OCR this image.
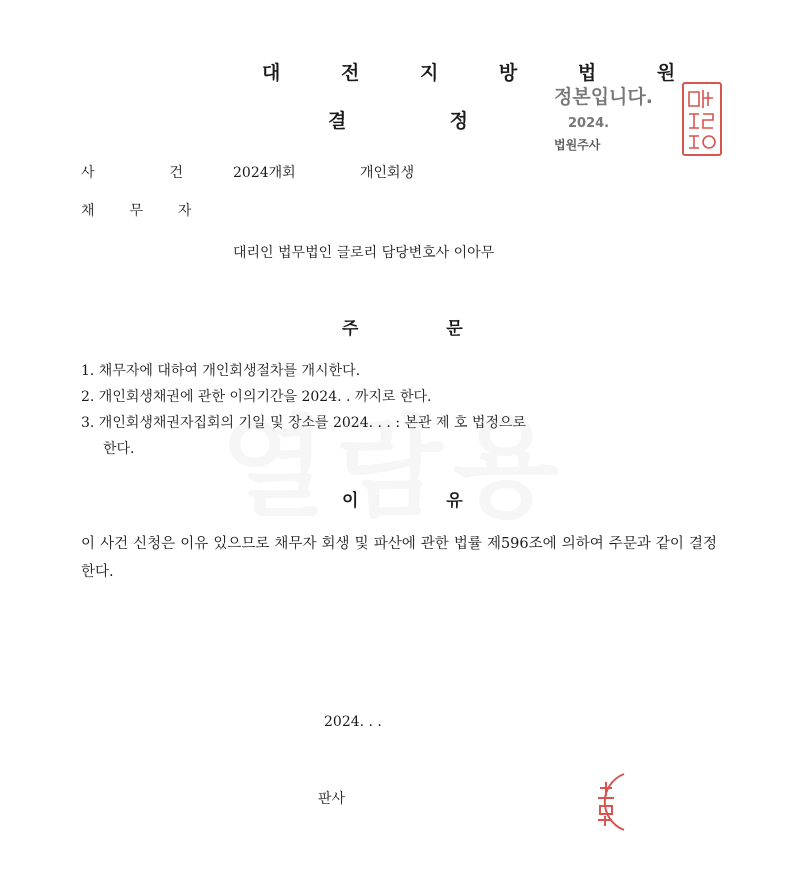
대 전 지 방 법 원
결	정
정본입니다.
2024.
법원주사
사	건	2024개회	개인회생
채 무 자
대리인 법무법인 글로리 담당변호사 이아무
주	문
1. 채무자에 대하여 개인회생절차를 개시한다.
2. 개인회생채권에 관한 이의기간을 2024. . 까지로 한다.
3. 개인회생채권자집회의 기일 및 장소를 2024. . . : 본관 제 호 법정으로
한다.
이	유
이 사건 신청은 이유 있으므로 채무자 회생 및 파산에 관한 법률 제596조에 의하여 주문과 같이 결정한다.
2024. . .
판사
